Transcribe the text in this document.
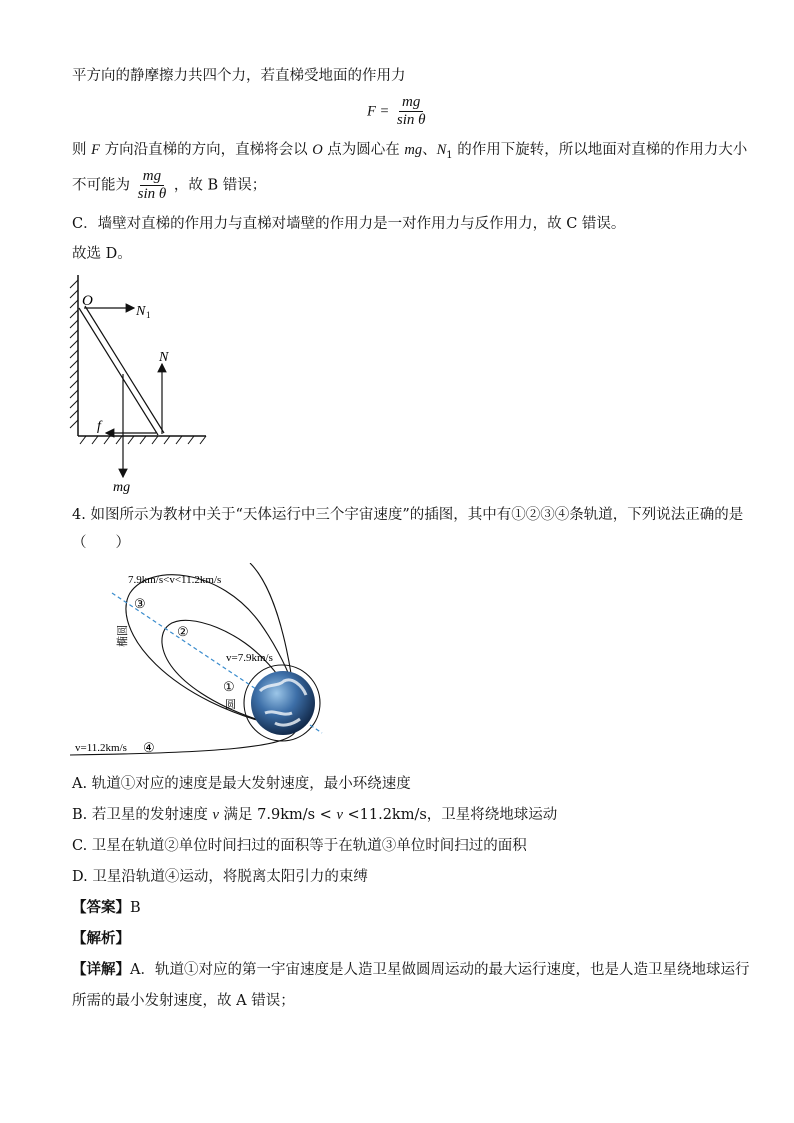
平方向的静摩擦力共四个力，若直梯受地面的作用力
$F = \frac{mg}{\text{sin θ}}$
则 F 方向沿直梯的方向，直梯将会以 O 点为圆心在 mg、$N_1$ 的作用下旋转，所以地面对直梯的作用力大小
不可能为 $\frac{mg}{\text{sin θ}}$ ，故 B 错误；
C．墙壁对直梯的作用力与直梯对墙壁的作用力是一对作用力与反作用力，故 C 错误。
故选 D。
O
N 1
N
f
mg
4. 如图所示为教材中关于“天体运行中三个宇宙速度”的插图，其中有①②③④条轨道，下列说法正确的是
（　　）
7.9km/s<v<11.2km/s
③
②
椭圆
v=7.9km/s
①
圆
v=11.2km/s ④
A. 轨道①对应的速度是最大发射速度，最小环绕速度
B. 若卫星的发射速度 v 满足 7.9km/s < v <11.2km/s，卫星将绕地球运动
C. 卫星在轨道②单位时间扫过的面积等于在轨道③单位时间扫过的面积
D. 卫星沿轨道④运动，将脱离太阳引力的束缚
【答案】B
【解析】
【详解】A．轨道①对应的第一宇宙速度是人造卫星做圆周运动的最大运行速度，也是人造卫星绕地球运行
所需的最小发射速度，故 A 错误；
